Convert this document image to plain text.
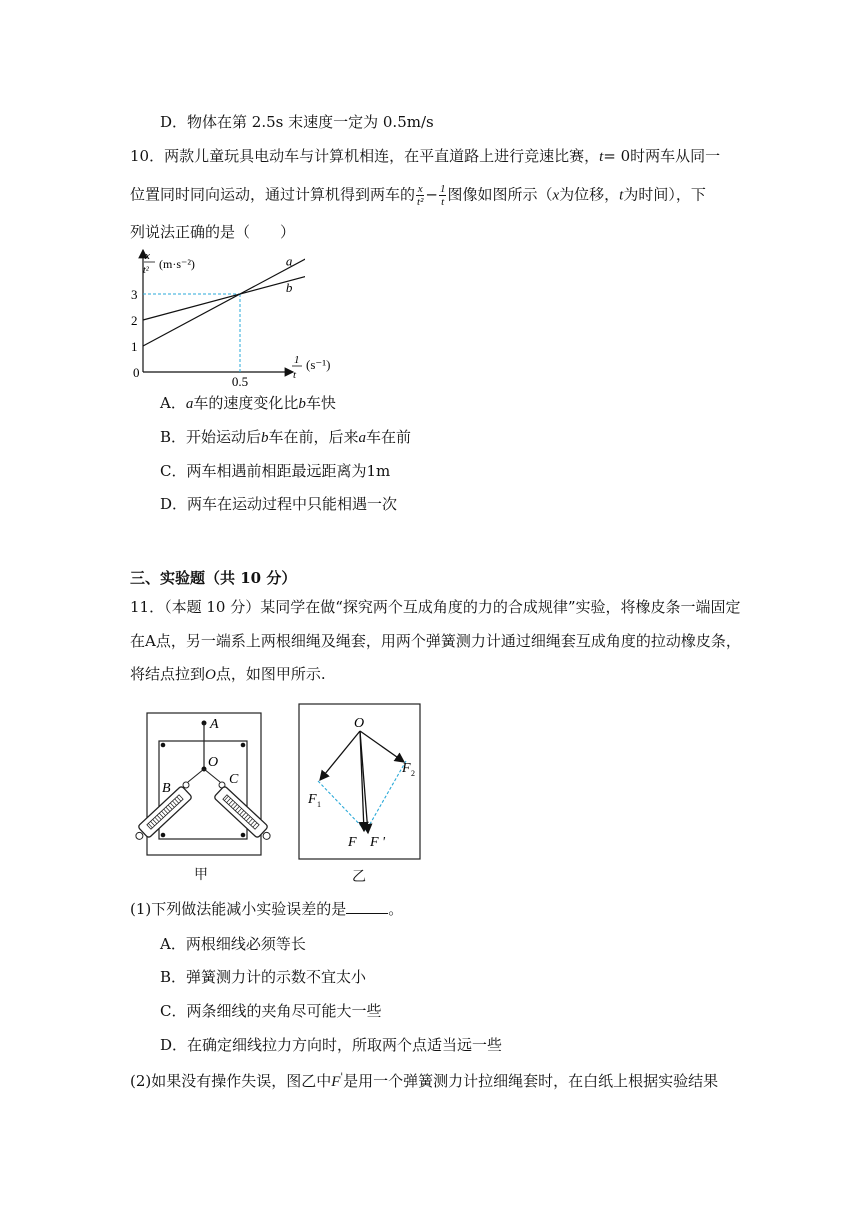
D．物体在第 2.5s 末速度一定为 0.5m/s
10．两款儿童玩具电动车与计算机相连，在平直道路上进行竞速比赛，t= 0时两车从同一
位置同时同向运动，通过计算机得到两车的 $\frac{x}{\text{t²}} - \frac{1}{t}$ 图像如图所示（x为位移，t为时间），下
列说法正确的是（　　）
a
b
1
2
3
0.5
x
t² (m·s⁻²)
1
t
0
(s⁻¹)
A．a车的速度变化比b车快
B．开始运动后b车在前，后来a车在前
C．两车相遇前相距最远距离为1m
D．两车在运动过程中只能相遇一次
三、实验题（共 10 分）
11．（本题 10 分）某同学在做“探究两个互成角度的力的合成规律”实验，将橡皮条一端固定
在A点，另一端系上两根细绳及绳套，用两个弹簧测力计通过细绳套互成角度的拉动橡皮条，
将结点拉到O点，如图甲所示.
A
O
B
C
甲
O
F 1
F 2
F F '
乙
(1)下列做法能减小实验误差的是	。
A．两根细线必须等长
B．弹簧测力计的示数不宜太小
C．两条细线的夹角尽可能大一些
D．在确定细线拉力方向时，所取两个点适当远一些
(2)如果没有操作失误，图乙中F'是用一个弹簧测力计拉细绳套时，在白纸上根据实验结果
